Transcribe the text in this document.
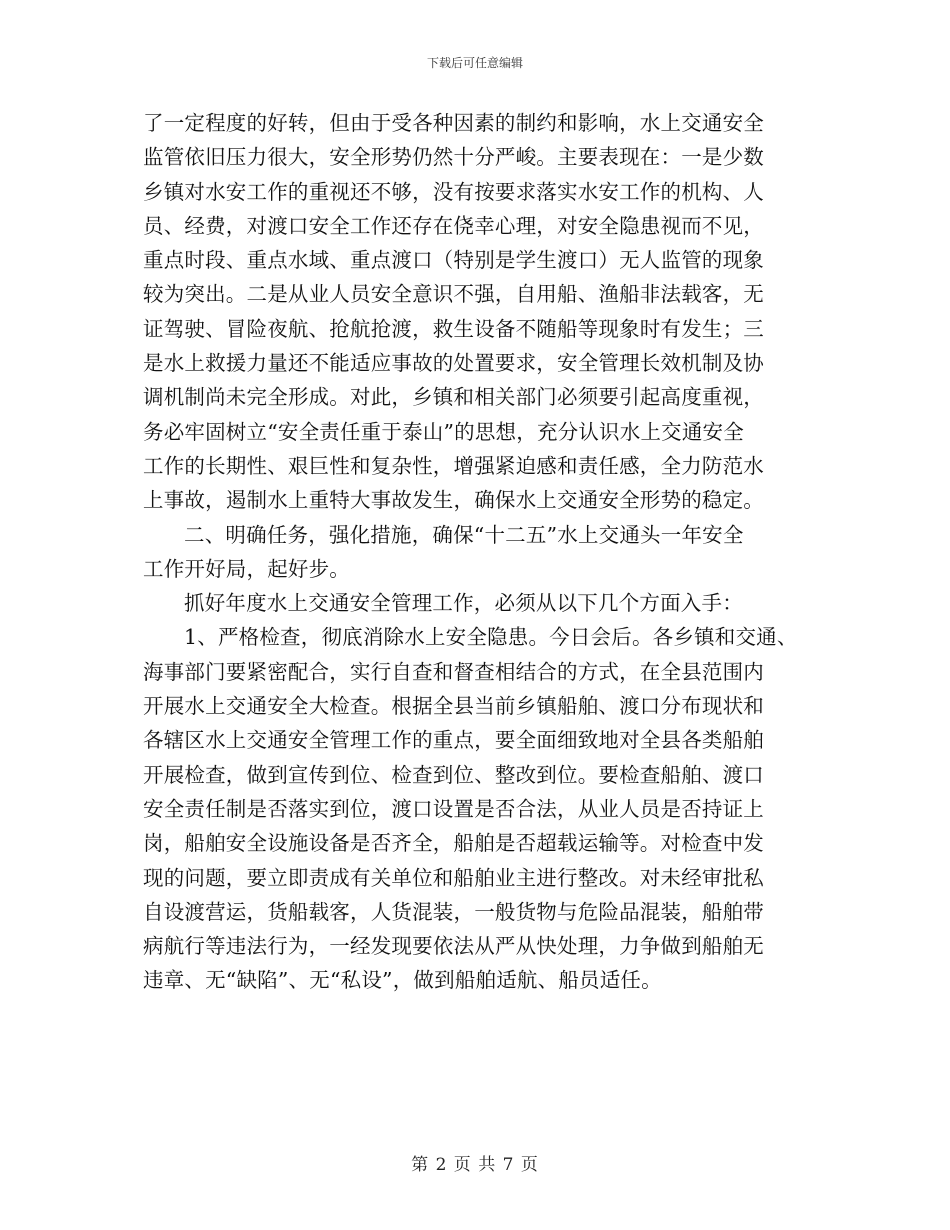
下载后可任意编辑
了一定程度的好转，但由于受各种因素的制约和影响，水上交通安全
监管依旧压力很大，安全形势仍然十分严峻。主要表现在：一是少数
乡镇对水安工作的重视还不够，没有按要求落实水安工作的机构、人
员、经费，对渡口安全工作还存在侥幸心理，对安全隐患视而不见，
重点时段、重点水域、重点渡口（特别是学生渡口）无人监管的现象
较为突出。二是从业人员安全意识不强，自用船、渔船非法载客，无
证驾驶、冒险夜航、抢航抢渡，救生设备不随船等现象时有发生；三
是水上救援力量还不能适应事故的处置要求，安全管理长效机制及协
调机制尚未完全形成。对此，乡镇和相关部门必须要引起高度重视，
务必牢固树立“安全责任重于泰山”的思想，充分认识水上交通安全
工作的长期性、艰巨性和复杂性，增强紧迫感和责任感，全力防范水
上事故，遏制水上重特大事故发生，确保水上交通安全形势的稳定。
二、明确任务，强化措施，确保“十二五”水上交通头一年安全
工作开好局，起好步。
抓好年度水上交通安全管理工作，必须从以下几个方面入手：
1、严格检查，彻底消除水上安全隐患。今日会后。各乡镇和交通、
海事部门要紧密配合，实行自查和督查相结合的方式，在全县范围内
开展水上交通安全大检查。根据全县当前乡镇船舶、渡口分布现状和
各辖区水上交通安全管理工作的重点，要全面细致地对全县各类船舶
开展检查，做到宣传到位、检查到位、整改到位。要检查船舶、渡口
安全责任制是否落实到位，渡口设置是否合法，从业人员是否持证上
岗，船舶安全设施设备是否齐全，船舶是否超载运输等。对检查中发
现的问题，要立即责成有关单位和船舶业主进行整改。对未经审批私
自设渡营运，货船载客，人货混装，一般货物与危险品混装，船舶带
病航行等违法行为，一经发现要依法从严从快处理，力争做到船舶无
违章、无“缺陷”、无“私设”，做到船舶适航、船员适任。
第 2 页 共 7 页
